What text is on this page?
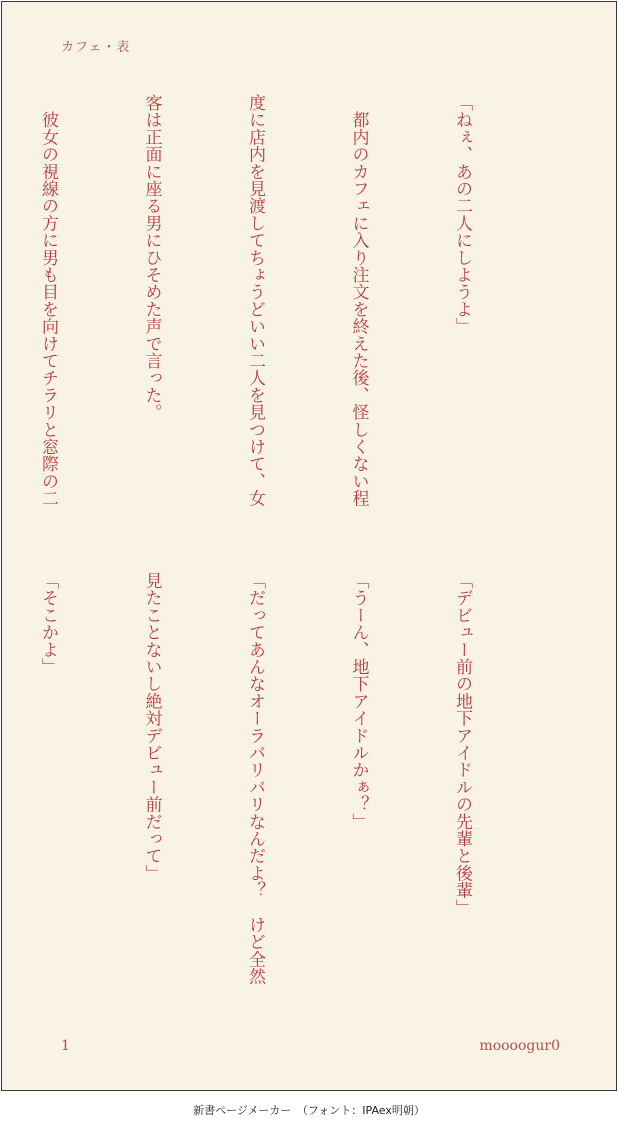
カフェ・表

「ねぇ、あの二人にしようよ」

　都内のカフェに入り注文を終えた後、怪しくない程

度に店内を見渡してちょうどいい二人を見つけて、女

客は正面に座る男にひそめた声で言った。

　彼女の視線の方に男も目を向けてチラリと窓際の二

「デビュー前の地下アイドルの先輩と後輩」

「うーん、地下アイドルかぁ？」

「だってあんなオーラバリバリなんだよ？　けど全然

見たことないし絶対デビュー前だって」

「そこかよ」

1	moooogur0
新書ページメーカー　（フォント：IPAex明朝）
